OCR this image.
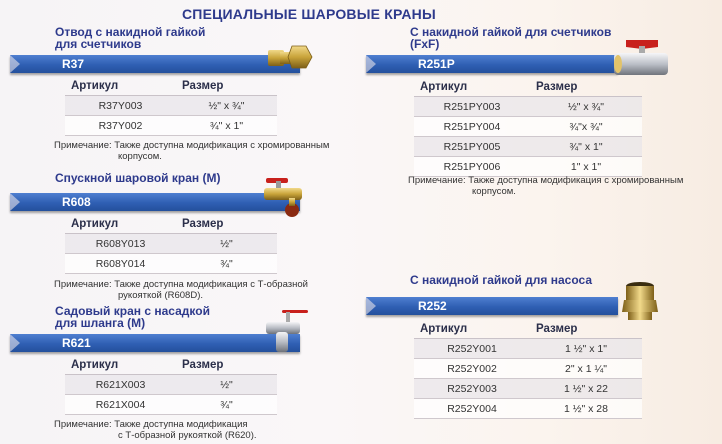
СПЕЦИАЛЬНЫЕ ШАРОВЫЕ КРАНЫ
Отвод с накидной гайкой
для счетчиков
R37
Артикул	Размер
R37Y003	½" x ¾"
R37Y002	¾" x 1"
Примечание: Также доступна модификация с хромированным
корпусом.
Спускной шаровой кран (М)
R608
Артикул	Размер
R608Y013	½"
R608Y014	¾"
Примечание: Также доступна модификация с Т-образной
рукояткой (R608D).
Садовый кран с насадкой
для шланга (М)
R621
Артикул	Размер
R621X003	½"
R621X004	¾"
Примечание: Также доступна модификация
с Т-образной рукояткой (R620).
С накидной гайкой для счетчиков
(FxF)
R251P
Артикул	Размер
R251PY003	½" x ¾"
R251PY004	¾"x ¾"
R251PY005	¾" x 1"
R251PY006	1" x 1"
Примечание: Также доступна модификация с хромированным
корпусом.
С накидной гайкой для насоса
R252
Артикул	Размер
R252Y001	1 ½" x 1"
R252Y002	2" x 1 ¼"
R252Y003	1 ½" x 22
R252Y004	1 ½" x 28
